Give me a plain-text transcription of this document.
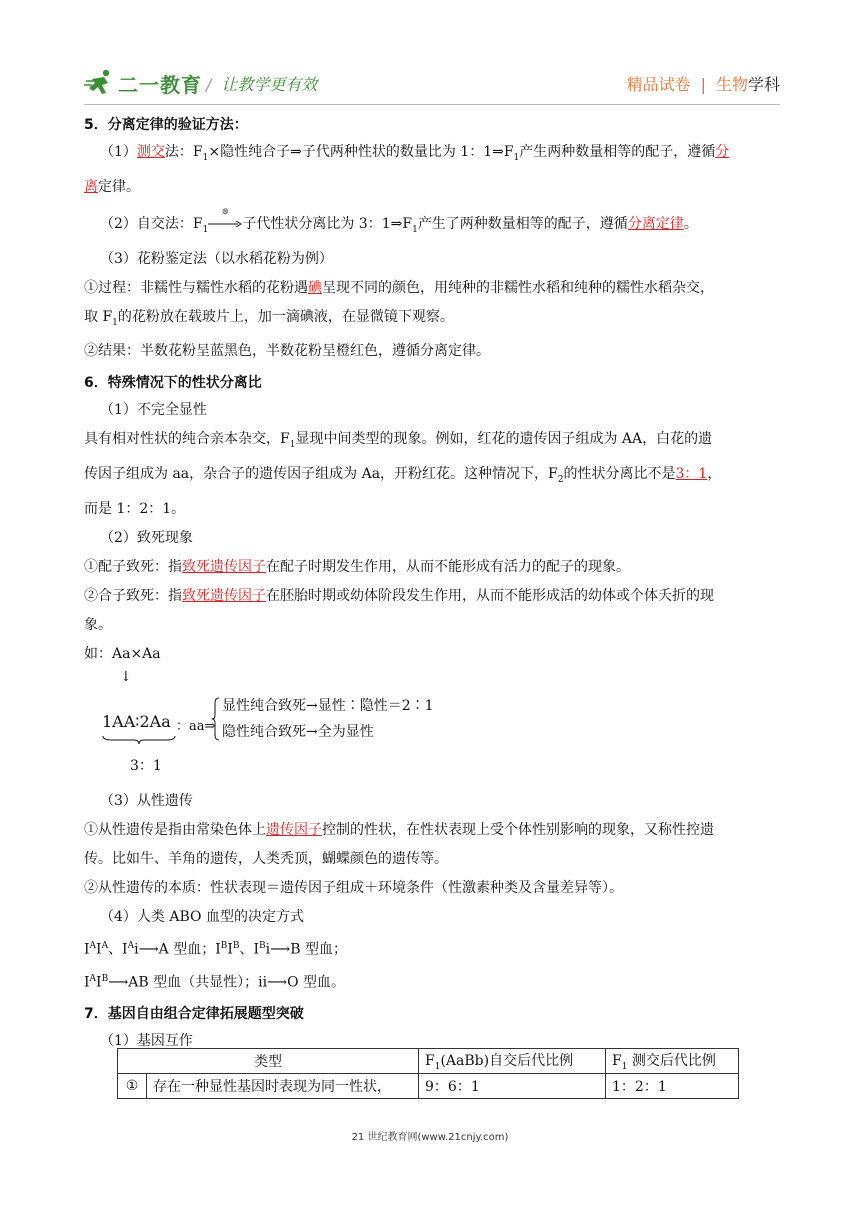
二一教育 / 让教学更有效	精品试卷 | 生物学科
5．分离定律的验证方法：

（1）测交法：$F_1\times$隐性纯合子⇒子代两种性状的数量比为 1：$1\Rightarrow F_1$产生两种数量相等的配子，遵循分

离定律。

（2）自交法：$F_1$
⊗
子代性状分离比为 3：$1\Rightarrow F_1$产生了两种数量相等的配子，遵循分离定律。

（3）花粉鉴定法（以水稻花粉为例）

①过程：非糯性与糯性水稻的花粉遇碘呈现不同的颜色，用纯种的非糯性水稻和纯种的糯性水稻杂交，

取 $F_1$的花粉放在载玻片上，加一滴碘液，在显微镜下观察。

②结果：半数花粉呈蓝黑色，半数花粉呈橙红色，遵循分离定律。

6．特殊情况下的性状分离比

（1）不完全显性

具有相对性状的纯合亲本杂交，$F_1$显现中间类型的现象。例如，红花的遗传因子组成为 AA，白花的遗

传因子组成为 aa，杂合子的遗传因子组成为 Aa，开粉红花。这种情况下，$F_2$的性状分离比不是3：1，

而是 1：2：1。

（2）致死现象

①配子致死：指致死遗传因子在配子时期发生作用，从而不能形成有活力的配子的现象。

②合子致死：指致死遗传因子在胚胎时期或幼体阶段发生作用，从而不能形成活的幼体或个体夭折的现

象。

如：Aa×Aa

↓
1AA∶2Aa ：aa⇒
显性纯合致死→显性∶隐性＝2∶1
隐性纯合致死→全为显性
3：1

（3）从性遗传

①从性遗传是指由常染色体上遗传因子控制的性状，在性状表现上受个体性别影响的现象，又称性控遗

传。比如牛、羊角的遗传，人类秃顶，蝴蝶颜色的遗传等。

②从性遗传的本质：性状表现＝遗传因子组成＋环境条件（性激素种类及含量差异等）。

（4）人类 ABO 血型的决定方式

$I^AI^A$、$I^Ai⟶A$ 型血；$I^BI^B$、$I^Bi⟶B$ 型血；

$I^AI^B⟶AB$ 型血（共显性）；ii⟶O 型血。

7．基因自由组合定律拓展题型突破

（1）基因互作

类型		$F_1(AaBb)$自交后代比例	$F_1$ 测交后代比例
①	存在一种显性基因时表现为同一性状，	9：6：1	1：2：1
21 世纪教育网(www.21cnjy.com)
